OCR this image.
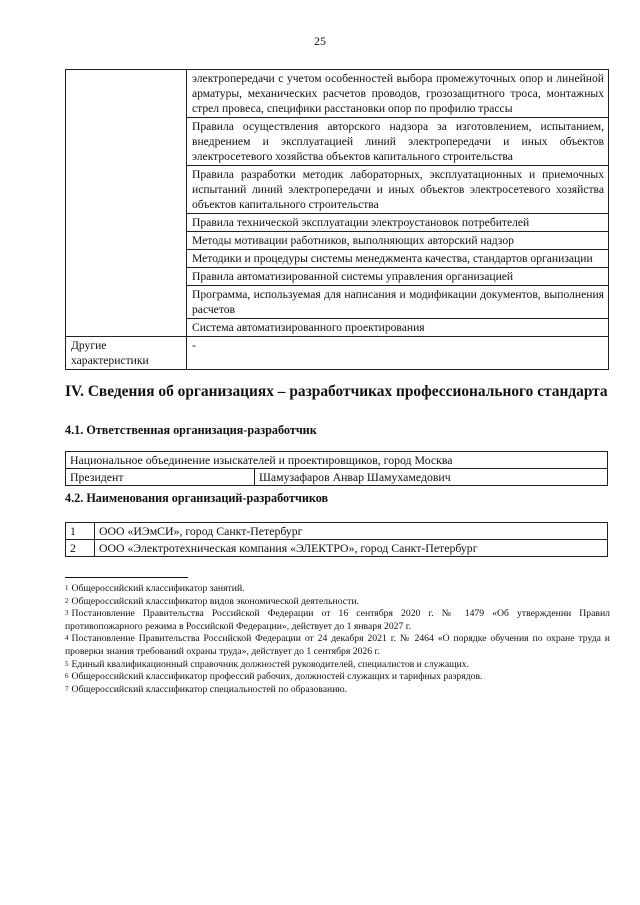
25
	электропередачи с учетом особенностей выбора промежуточных опор и линейной арматуры, механических расчетов проводов, грозозащитного троса, монтажных стрел провеса, специфики расстановки опор по профилю трассы
	Правила осуществления авторского надзора за изготовлением, испытанием, внедрением и эксплуатацией линий электропередачи и иных объектов электросетевого хозяйства объектов капитального строительства
	Правила разработки методик лабораторных, эксплуатационных и приемочных испытаний линий электропередачи и иных объектов электросетевого хозяйства объектов капитального строительства
	Правила технической эксплуатации электроустановок потребителей
	Методы мотивации работников, выполняющих авторский надзор
	Методики и процедуры системы менеджмента качества, стандартов организации
	Правила автоматизированной системы управления организацией
	Программа, используемая для написания и модификации документов, выполнения расчетов
	Система автоматизированного проектирования
Другие характеристики	-
IV. Сведения об организациях – разработчиках профессионального стандарта
4.1. Ответственная организация-разработчик
Национальное объединение изыскателей и проектировщиков, город Москва
Президент	Шамузафаров Анвар Шамухамедович
4.2. Наименования организаций-разработчиков
1	ООО «ИЭмСИ», город Санкт-Петербург
2	ООО «Электротехническая компания «ЭЛЕКТРО», город Санкт-Петербург
$^1$ Общероссийский классификатор занятий.
$^2$ Общероссийский классификатор видов экономической деятельности.
$^3$ Постановление Правительства Российской Федерации от 16 сентября 2020 г. № 1479 «Об утверждении Правил противопожарного режима в Российской Федерации», действует до 1 января 2027 г.
$^4$ Постановление Правительства Российской Федерации от 24 декабря 2021 г. № 2464 «О порядке обучения по охране труда и проверки знания требований охраны труда», действует до 1 сентября 2026 г.
$^5$ Единый квалификационный справочник должностей руководителей, специалистов и служащих.
$^6$ Общероссийский классификатор профессий рабочих, должностей служащих и тарифных разрядов.
$^7$ Общероссийский классификатор специальностей по образованию.
